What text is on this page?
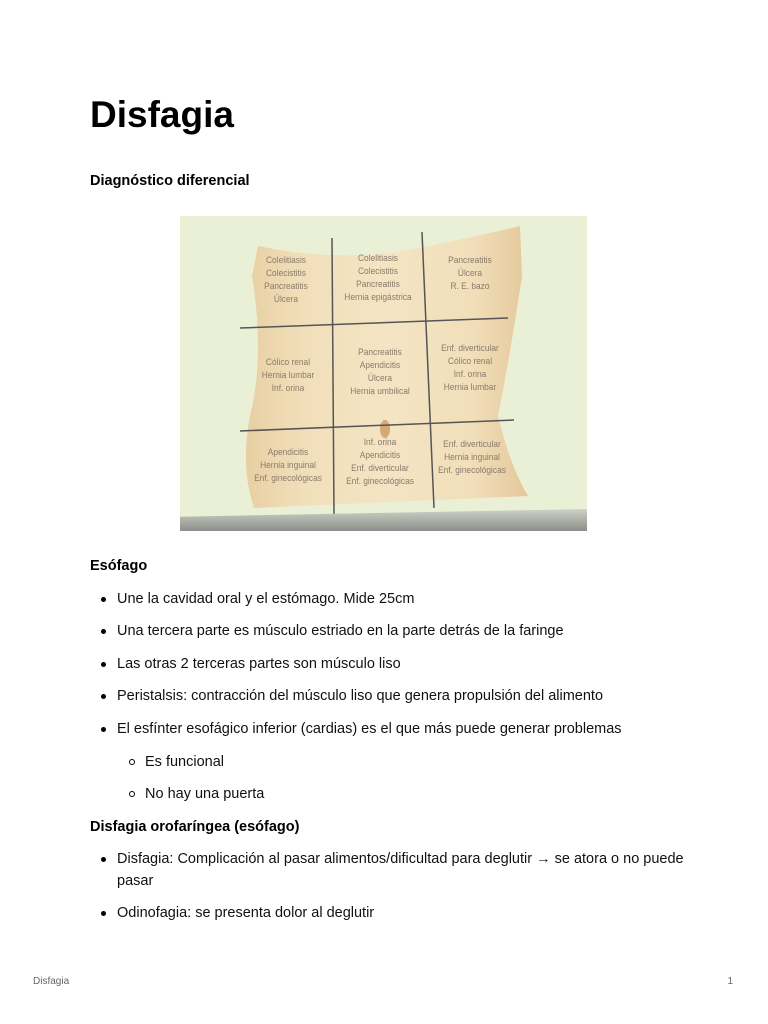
Disfagia
Diagnóstico diferencial
Colelitiasis
Colecistitis
Pancreatitis
Úlcera
Colelitiasis
Colecistitis
Pancreatitis
Hernia epigástrica
Pancreatitis
Úlcera
R. E. bazo
Cólico renal
Hernia lumbar
Inf. orina
Pancreatitis
Apendicitis
Úlcera
Hernia umbilical
Enf. diverticular
Cólico renal
Inf. orina
Hernia lumbar
Apendicitis
Hernia inguinal
Enf. ginecológicas
Inf. orina
Apendicitis
Enf. diverticular
Enf. ginecológicas
Enf. diverticular
Hernia inguinal
Enf. ginecológicas
Esófago
Une la cavidad oral y el estómago. Mide 25cm
Una tercera parte es músculo estriado en la parte detrás de la faringe
Las otras 2 terceras partes son músculo liso
Peristalsis: contracción del músculo liso que genera propulsión del alimento
El esfínter esofágico inferior (cardias) es el que más puede generar problemas
Es funcional
No hay una puerta
Disfagia orofaríngea (esófago)
Disfagia: Complicación al pasar alimentos/dificultad para deglutir → se atora o no puede pasar
Odinofagia: se presenta dolor al deglutir
Disfagia	1
